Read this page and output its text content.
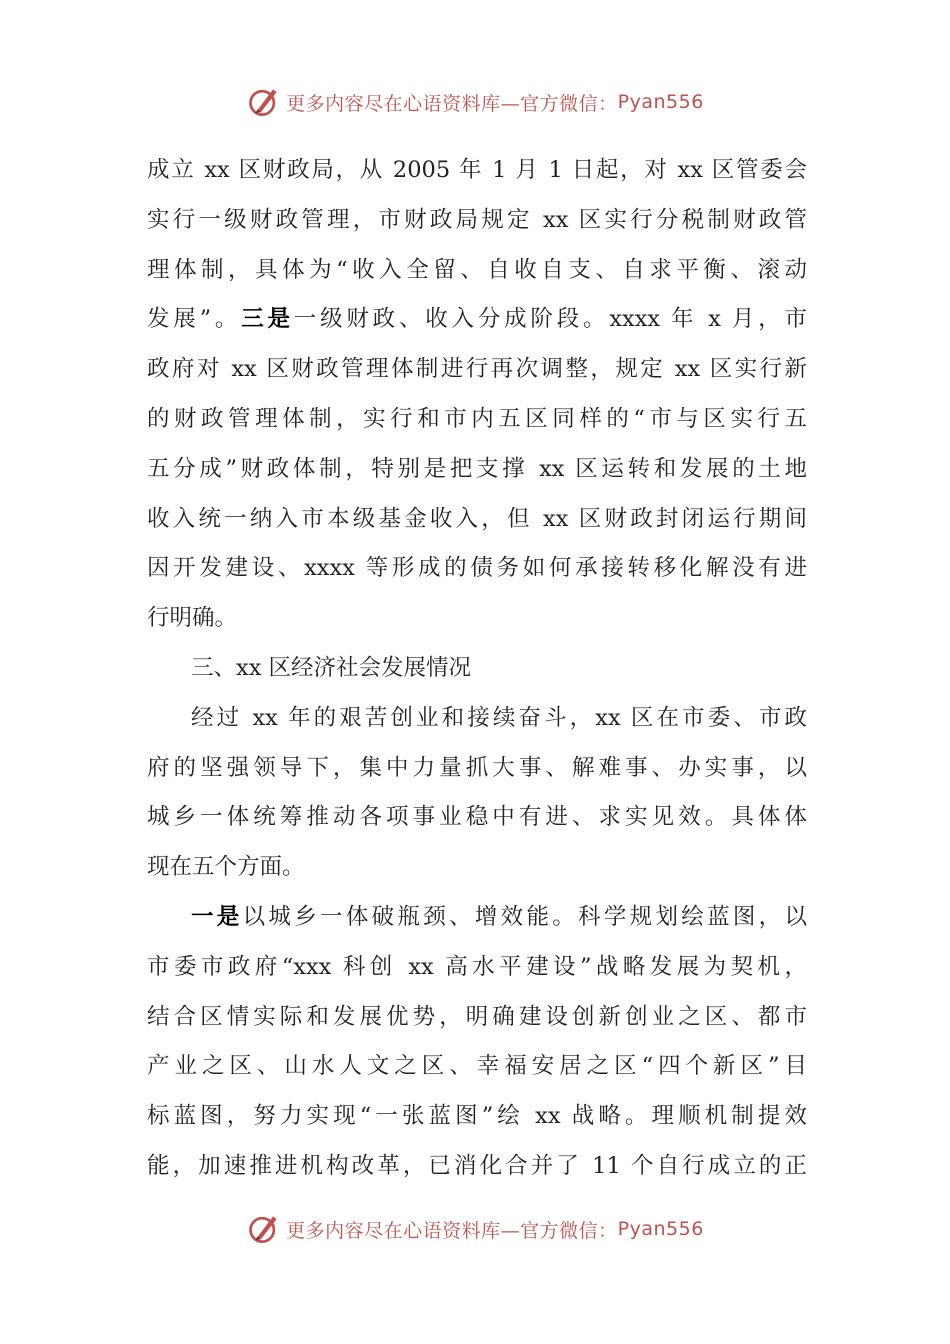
更多内容尽在心语资料库—官方微信： Pyan556
成立 xx 区财政局，从 2005 年 1 月 1 日起，对 xx 区管委会
实行一级财政管理，市财政局规定 xx 区实行分税制财政管
理体制，具体为“收入全留、自收自支、自求平衡、滚动
发展”。三是一级财政、收入分成阶段。xxxx 年 x 月，市
政府对 xx 区财政管理体制进行再次调整，规定 xx 区实行新
的财政管理体制，实行和市内五区同样的“市与区实行五
五分成”财政体制，特别是把支撑 xx 区运转和发展的土地
收入统一纳入市本级基金收入，但 xx 区财政封闭运行期间
因开发建设、xxxx 等形成的债务如何承接转移化解没有进
行明确。
三、xx 区经济社会发展情况
经过 xx 年的艰苦创业和接续奋斗，xx 区在市委、市政
府的坚强领导下，集中力量抓大事、解难事、办实事，以
城乡一体统筹推动各项事业稳中有进、求实见效。具体体
现在五个方面。
一是以城乡一体破瓶颈、增效能。科学规划绘蓝图，以
市委市政府“xxx 科创 xx 高水平建设”战略发展为契机，
结合区情实际和发展优势，明确建设创新创业之区、都市
产业之区、山水人文之区、幸福安居之区“四个新区”目
标蓝图，努力实现“一张蓝图”绘 xx 战略。理顺机制提效
能，加速推进机构改革，已消化合并了 11 个自行成立的正
更多内容尽在心语资料库—官方微信： Pyan556
